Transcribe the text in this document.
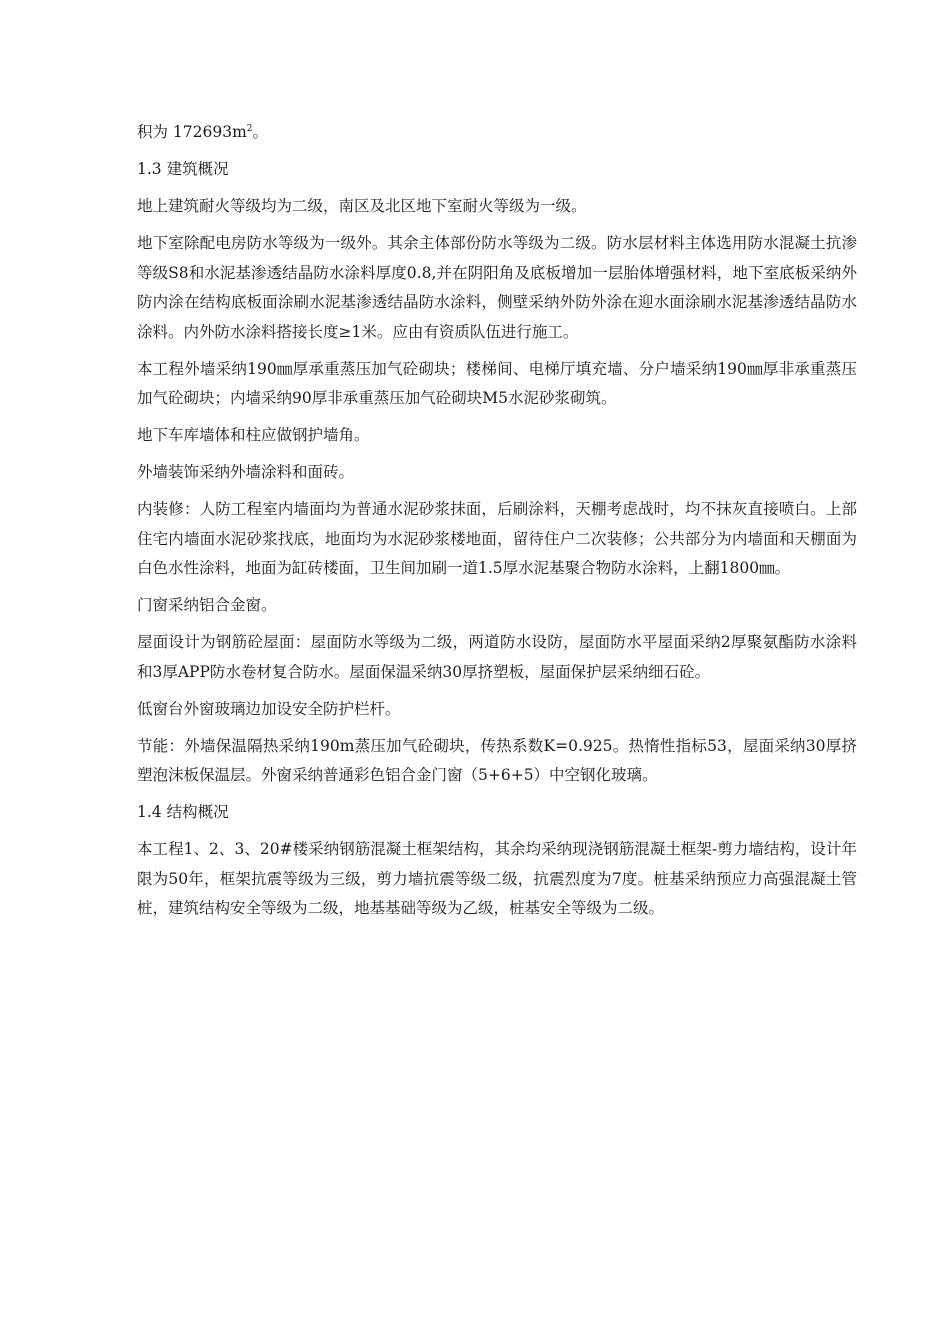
积为 $172693m^2$。

1.3 建筑概况

地上建筑耐火等级均为二级，南区及北区地下室耐火等级为一级。

地下室除配电房防水等级为一级外。其余主体部份防水等级为二级。防水层材料主体选用防水混凝土抗渗等级S8和水泥基渗透结晶防水涂料厚度0.8,并在阴阳角及底板增加一层胎体增强材料，地下室底板采纳外防内涂在结构底板面涂刷水泥基渗透结晶防水涂料，侧壁采纳外防外涂在迎水面涂刷水泥基渗透结晶防水涂料。内外防水涂料搭接长度≥1米。应由有资质队伍进行施工。

本工程外墙采纳190㎜厚承重蒸压加气砼砌块；楼梯间、电梯厅填充墙、分户墙采纳190㎜厚非承重蒸压加气砼砌块；内墙采纳90厚非承重蒸压加气砼砌块M5水泥砂浆砌筑。

地下车库墙体和柱应做钢护墙角。

外墙装饰采纳外墙涂料和面砖。

内装修：人防工程室内墙面均为普通水泥砂浆抹面，后刷涂料，天棚考虑战时，均不抹灰直接喷白。上部住宅内墙面水泥砂浆找底，地面均为水泥砂浆楼地面，留待住户二次装修；公共部分为内墙面和天棚面为白色水性涂料，地面为缸砖楼面，卫生间加刷一道1.5厚水泥基聚合物防水涂料，上翻1800㎜。

门窗采纳铝合金窗。

屋面设计为钢筋砼屋面：屋面防水等级为二级，两道防水设防，屋面防水平屋面采纳2厚聚氨酯防水涂料和3厚APP防水卷材复合防水。屋面保温采纳30厚挤塑板，屋面保护层采纳细石砼。

低窗台外窗玻璃边加设安全防护栏杆。

节能：外墙保温隔热采纳190m蒸压加气砼砌块，传热系数K=0.925。热惰性指标53，屋面采纳30厚挤塑泡沫板保温层。外窗采纳普通彩色铝合金门窗（5+6+5）中空钢化玻璃。

1.4 结构概况

本工程1、2、3、20#楼采纳钢筋混凝土框架结构，其余均采纳现浇钢筋混凝土框架-剪力墙结构，设计年限为50年，框架抗震等级为三级，剪力墙抗震等级二级，抗震烈度为7度。桩基采纳预应力高强混凝土管桩，建筑结构安全等级为二级，地基基础等级为乙级，桩基安全等级为二级。
